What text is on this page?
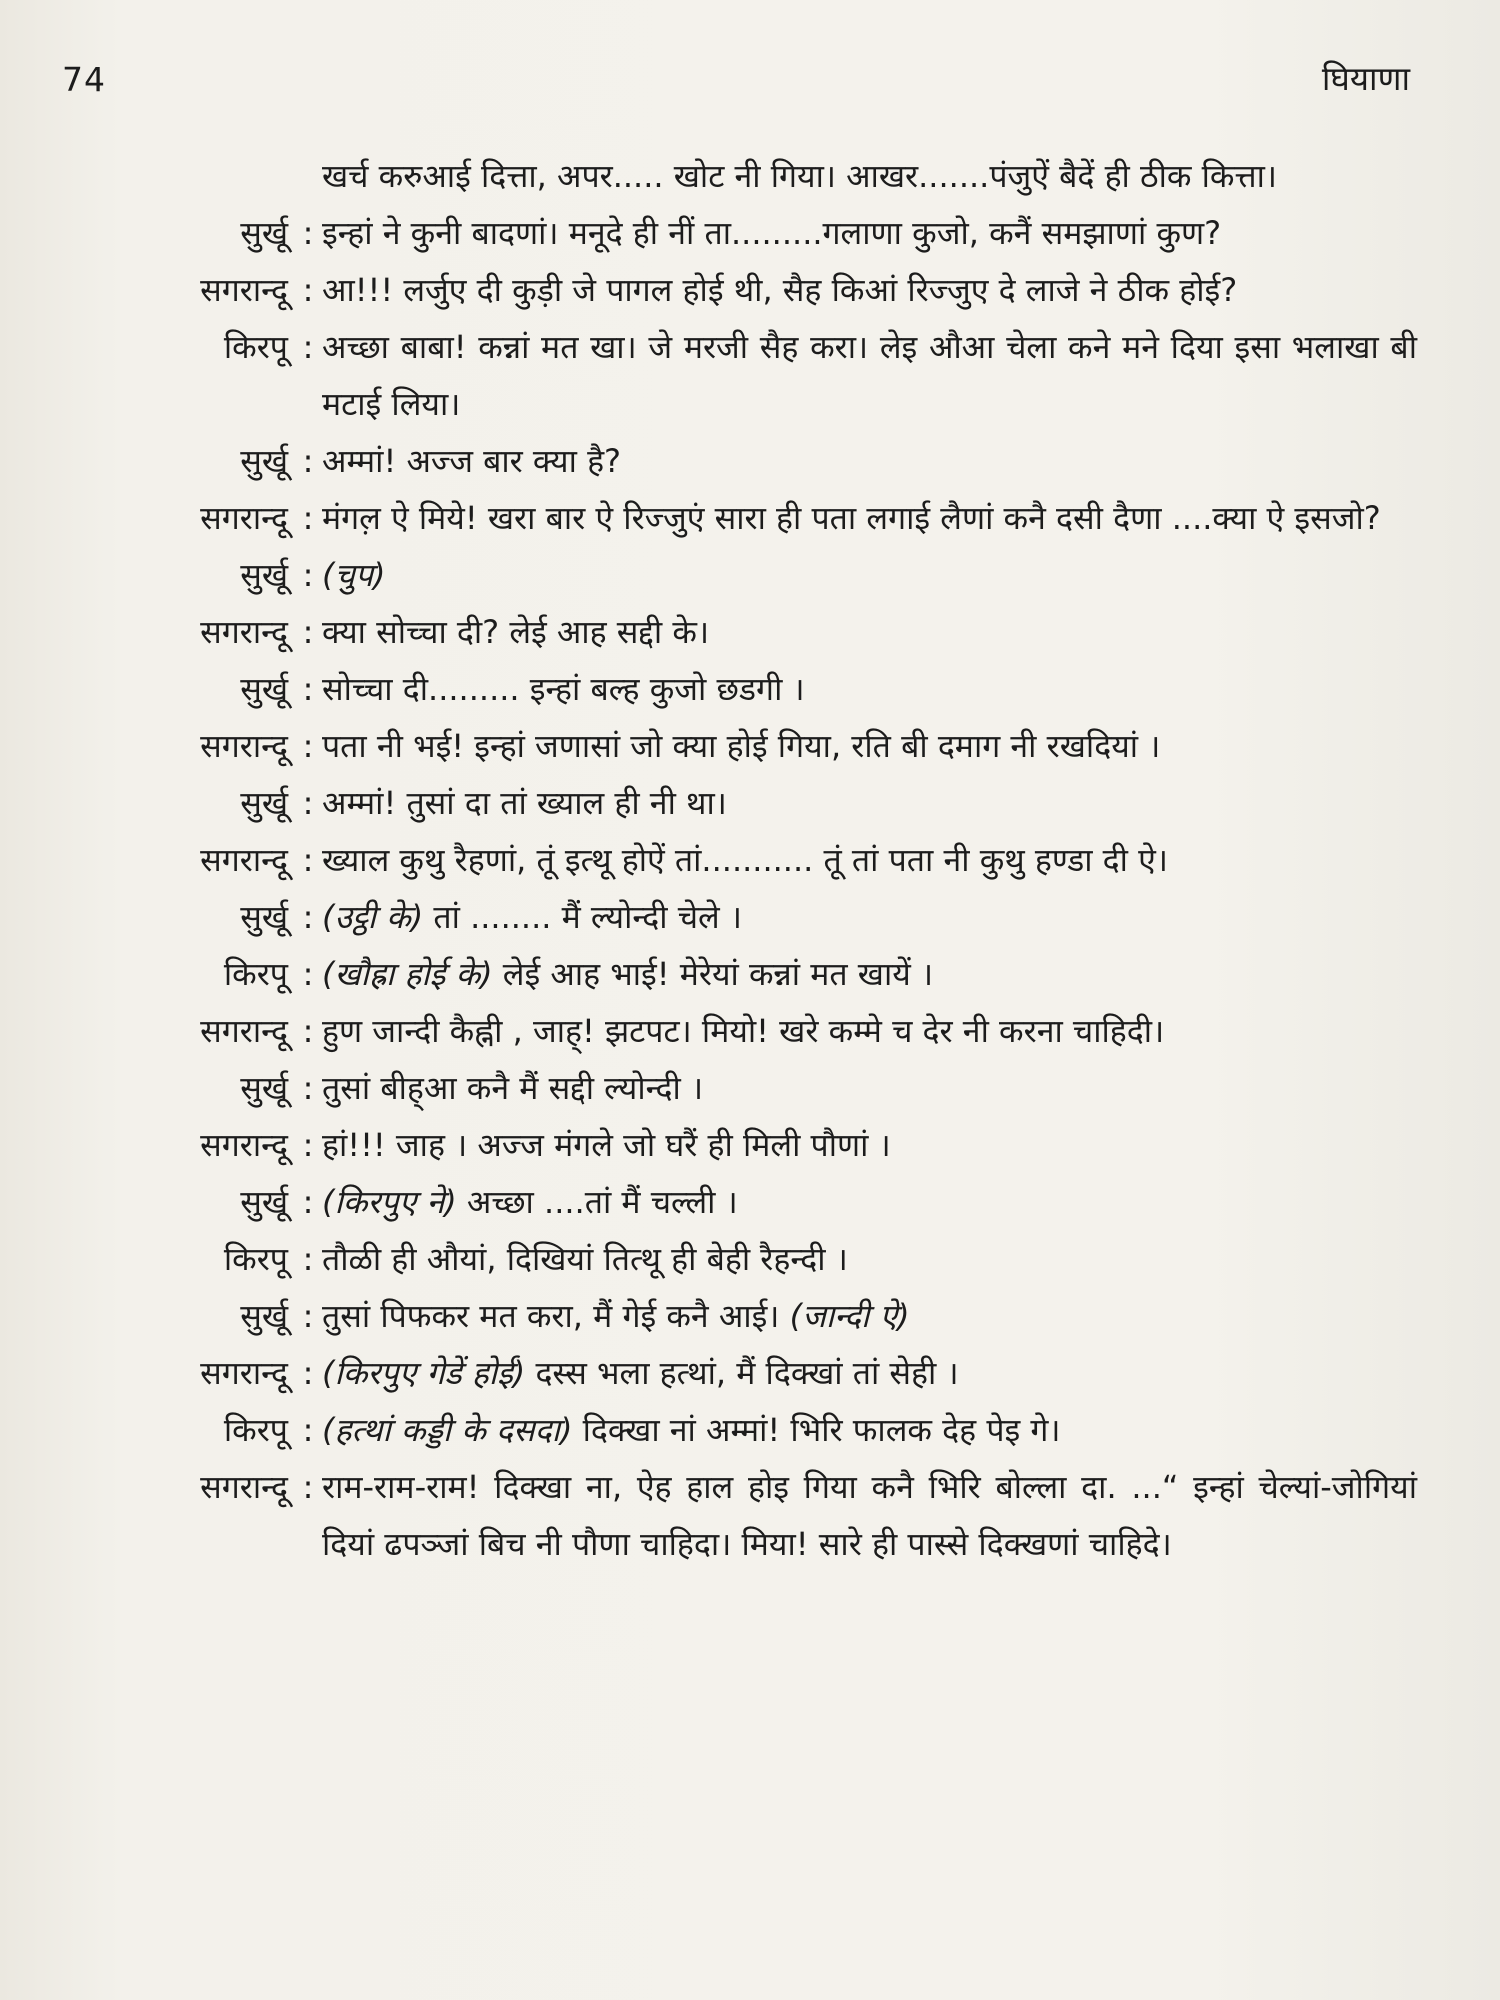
74	घियाणा
खर्च करुआई दित्ता, अपर..... खोट नी गिया। आखर.......पंजुऐं बैदें ही ठीक कित्ता।
सुर्खू : इन्हां ने कुनी बादणां। मनूदे ही नीं ता.........गलाणा कुजो, कनैं समझाणां कुण?
सगरान्दू : आ!!! लर्जुए दी कुड़ी जे पागल होई थी, सैह किआं रिज्जुए दे लाजे ने ठीक होई?
किरपू : अच्छा बाबा! कन्नां मत खा। जे मरजी सैह करा। लेइ औआ चेला कने मने दिया इसा भलाखा बी मटाई लिया।
सुर्खू : अम्मां! अज्ज बार क्या है?
सगरान्दू : मंगल़ ऐ मिये! खरा बार ऐ रिज्जुएं सारा ही पता लगाई लैणां कनै दसी दैणा ....क्या ऐ इसजो?
सुर्खू : (चुप)
सगरान्दू : क्या सोच्चा दी? लेई आह सद्दी के।
सुर्खू : सोच्चा दी......... इन्हां बल्ह कुजो छडगी ।
सगरान्दू : पता नी भई! इन्हां जणासां जो क्या होई गिया, रति बी दमाग नी रखदियां ।
सुर्खू : अम्मां! तुसां दा तां ख्याल ही नी था।
सगरान्दू : ख्याल कुथु रैहणां, तूं इत्थू होऐं तां........... तूं तां पता नी कुथु हण्डा दी ऐ।
सुर्खू : (उट्ठी के) तां ........ मैं ल्योन्दी चेले ।
किरपू : (खौह्रा होई के) लेई आह भाई! मेरेयां कन्नां मत खायें ।
सगरान्दू : हुण जान्दी कैह्नी , जाह्! झटपट। मियो! खरे कम्मे च देर नी करना चाहिदी।
सुर्खू : तुसां बीह्आ कनै मैं सद्दी ल्योन्दी ।
सगरान्दू : हां!!! जाह । अज्ज मंगले जो घरैं ही मिली पौणां ।
सुर्खू : (किरपुए ने) अच्छा ....तां मैं चल्ली ।
किरपू : तौळी ही औयां, दिखियां तित्थू ही बेही रैहन्दी ।
सुर्खू : तुसां पिफकर मत करा, मैं गेई कनै आई। (जान्दी ऐ)
सगरान्दू : (किरपुए गेडें होई) दस्स भला हत्थां, मैं दिक्खां तां सेही ।
किरपू : (हत्थां कड्डी के दसदा) दिक्खा नां अम्मां! भिरि फालक देह पेइ गे।
सगरान्दू : राम-राम-राम! दिक्खा ना, ऐह हाल होइ गिया कनै भिरि बोल्ला दा. ...“ इन्हां चेल्यां-जोगियां दियां ढपञ्जां बिच नी पौणा चाहिदा। मिया! सारे ही पास्से दिक्खणां चाहिदे।
